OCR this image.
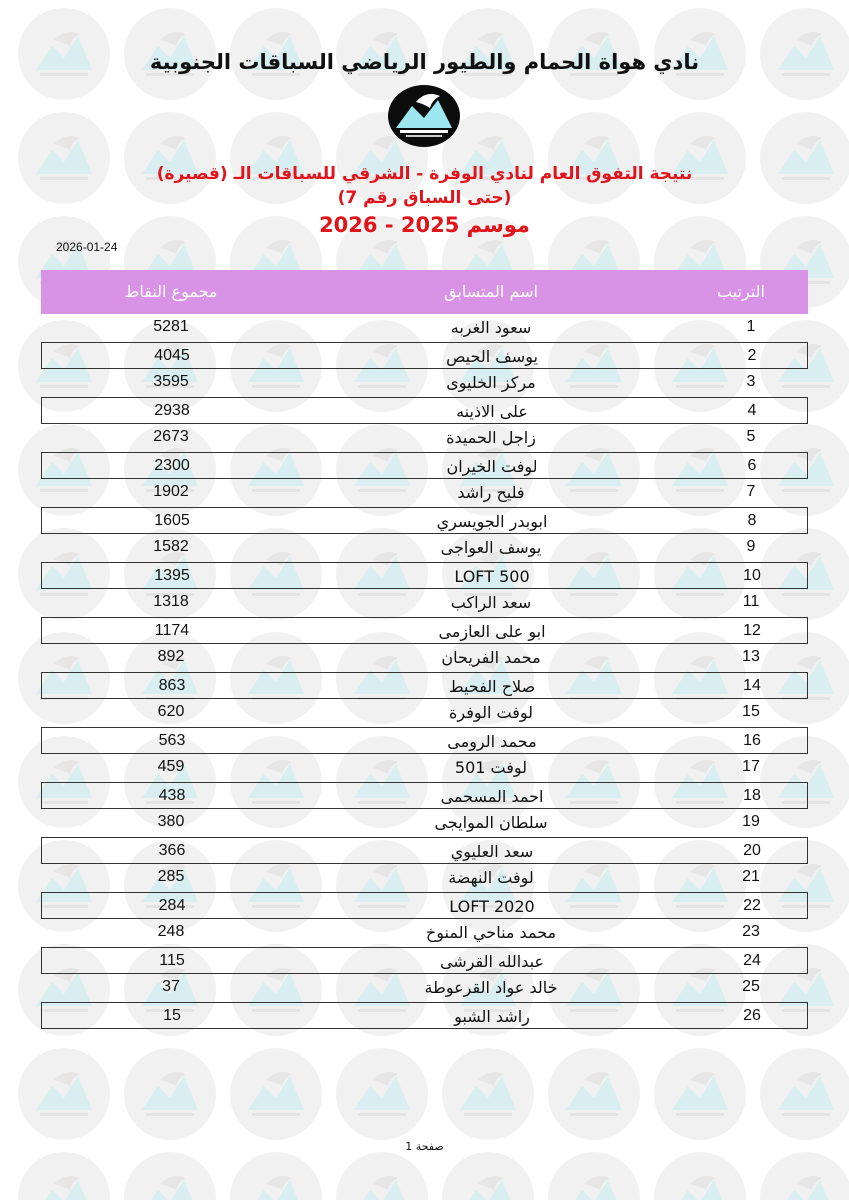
نادي هواة الحمام والطيور الرياضي السباقات الجنوبية
نتيجة التفوق العام لنادي الوفرة - الشرقي للسباقات الـ (قصيرة)
(حتى السباق رقم 7)
موسم 2025 - 2026
2026-01-24
مجموع النقاط	اسم المتسابق	الترتيب
5281	سعود الغربه	1
4045	يوسف الحيص	2
3595	مركز الخليوى	3
2938	على الاذينه	4
2673	زاجل الحميدة	5
2300	لوفت الخيران	6
1902	فليح راشد	7
1605	ابوبدر الجويسري	8
1582	يوسف العواجى	9
1395	LOFT 500	10
1318	سعد الراكب	11
1174	ابو على العازمى	12
892	محمد الفريحان	13
863	صلاح الفحيط	14
620	لوفت الوفرة	15
563	محمد الرومى	16
459	لوفت 501	17
438	احمد المسحمى	18
380	سلطان الموايجى	19
366	سعد العليوي	20
285	لوفت النهضة	21
284	LOFT 2020	22
248	محمد مناحي المنوخ	23
115	عبدالله القرشى	24
37	خالد عواد القرعوطة	25
15	راشد الشبو	26
صفحة 1
